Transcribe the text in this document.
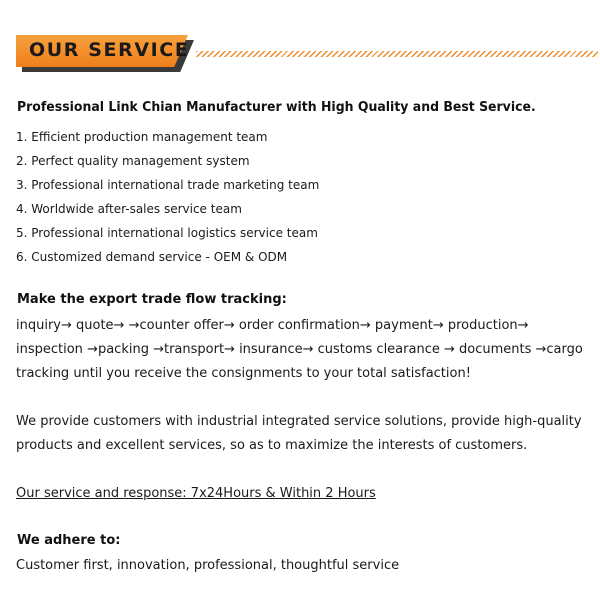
OUR SERVICE
Professional Link Chian Manufacturer with High Quality and Best Service.
1. Efficient production management team
2. Perfect quality management system
3. Professional international trade marketing team
4. Worldwide after-sales service team
5. Professional international logistics service team
6. Customized demand service - OEM & ODM
Make the export trade flow tracking:
inquiry→ quote→ →counter offer→ order confirmation→ payment→ production→ inspection →packing →transport→ insurance→ customs clearance → documents →cargo tracking until you receive the consignments to your total satisfaction!
We provide customers with industrial integrated service solutions, provide high-quality products and excellent services, so as to maximize the interests of customers.
Our service and response: 7x24Hours & Within 2 Hours
We adhere to:
Customer first, innovation, professional, thoughtful service
